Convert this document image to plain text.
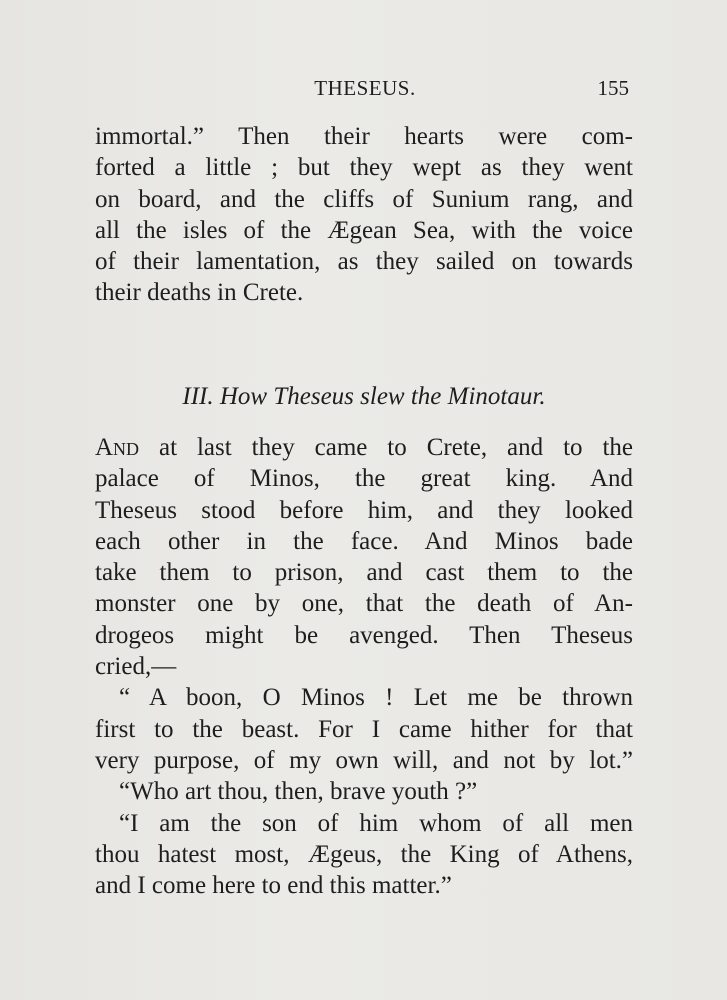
THESEUS.	155
immortal.” Then their hearts were com-
forted a little ; but they wept as they went
on board, and the cliffs of Sunium rang, and
all the isles of the Ægean Sea, with the voice
of their lamentation, as they sailed on towards
their deaths in Crete.
III. How Theseus slew the Minotaur.
And at last they came to Crete, and to the
palace of Minos, the great king. And
Theseus stood before him, and they looked
each other in the face. And Minos bade
take them to prison, and cast them to the
monster one by one, that the death of An-
drogeos might be avenged. Then Theseus
cried,—
“ A boon, O Minos ! Let me be thrown
first to the beast. For I came hither for that
very purpose, of my own will, and not by lot.”
“Who art thou, then, brave youth ?”
“I am the son of him whom of all men
thou hatest most, Ægeus, the King of Athens,
and I come here to end this matter.”
